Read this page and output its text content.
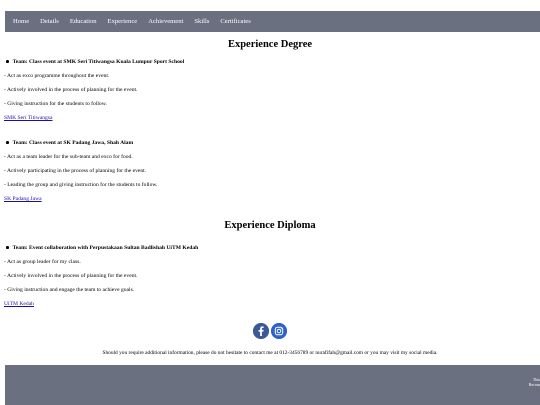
Home Details Education Experience Achievement Skills Certificates
Experience Degree
Team: Class event at SMK Seri Titiwangsa Kuala Lumpur Sport School
- Act as exco programme throughout the event.
- Actively involved in the process of planning for the event.
- Giving instruction for the students to follow.
SMK Seri Titiwangsa
Team: Class event at SK Padang Jawa, Shah Alam
- Act as a team leader for the sub-team and exco for food.
- Actively participating in the process of planning for the event.
- Leading the group and giving instruction for the students to follow.
SK Padang Jawa
Experience Diploma
Team: Event collaboration with Perpustakaan Sultan Badlishah UiTM Kedah
- Act as group leader for my class.
- Actively involved in the process of planning for the event.
- Giving instruction and engage the team to achieve goals.
UiTM Kedah
Should you require additional information, please do not hesitate to contact me at 012-3456789 or nurafifah@gmail.com or you may visit my social media.
This
Recom
